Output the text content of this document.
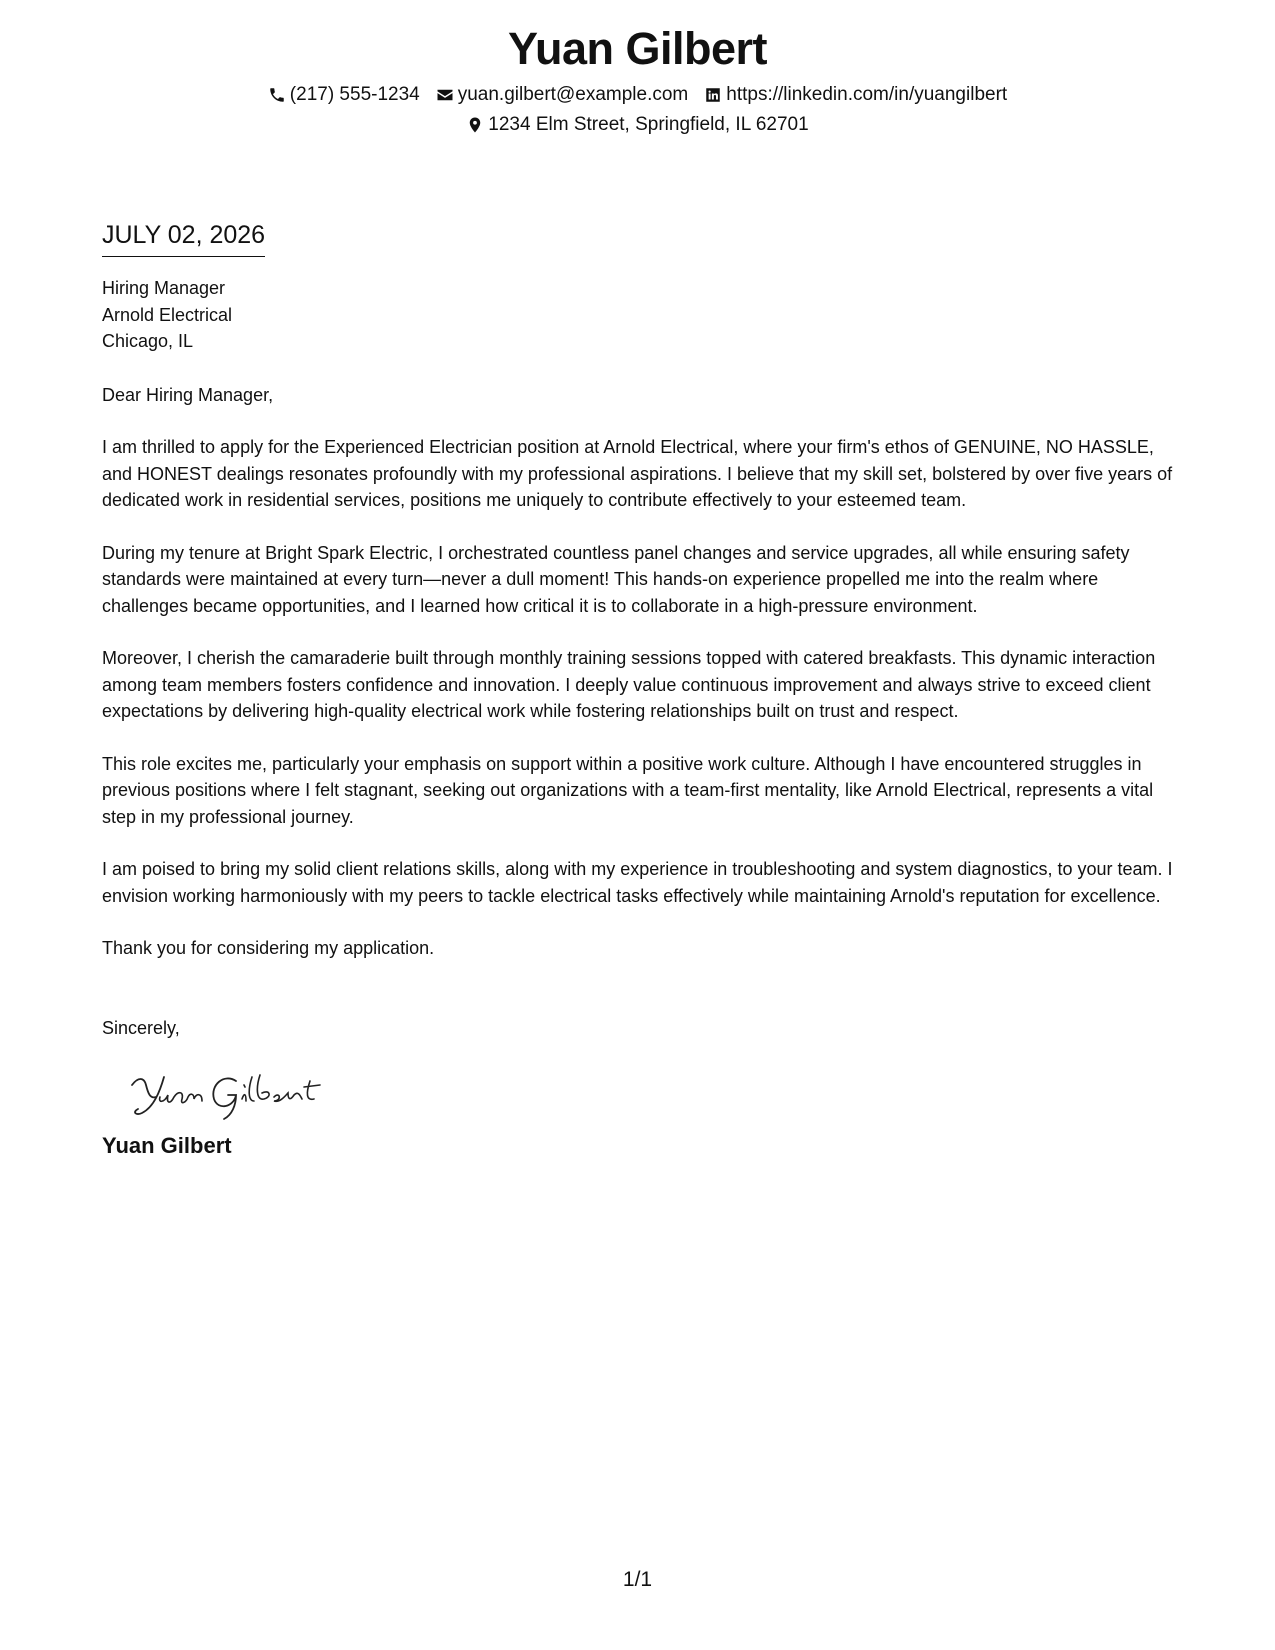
Yuan Gilbert
(217) 555-1234 yuan.gilbert@example.com https://linkedin.com/in/yuangilbert
1234 Elm Street, Springfield, IL 62701
JULY 02, 2026
Hiring Manager
Arnold Electrical
Chicago, IL
Dear Hiring Manager,

I am thrilled to apply for the Experienced Electrician position at Arnold Electrical, where your firm's ethos of GENUINE, NO HASSLE, and HONEST dealings resonates profoundly with my professional aspirations. I believe that my skill set, bolstered by over five years of dedicated work in residential services, positions me uniquely to contribute effectively to your esteemed team.

During my tenure at Bright Spark Electric, I orchestrated countless panel changes and service upgrades, all while ensuring safety standards were maintained at every turn—never a dull moment! This hands-on experience propelled me into the realm where challenges became opportunities, and I learned how critical it is to collaborate in a high-pressure environment.

Moreover, I cherish the camaraderie built through monthly training sessions topped with catered breakfasts. This dynamic interaction among team members fosters confidence and innovation. I deeply value continuous improvement and always strive to exceed client expectations by delivering high-quality electrical work while fostering relationships built on trust and respect.

This role excites me, particularly your emphasis on support within a positive work culture. Although I have encountered struggles in previous positions where I felt stagnant, seeking out organizations with a team-first mentality, like Arnold Electrical, represents a vital step in my professional journey.

I am poised to bring my solid client relations skills, along with my experience in troubleshooting and system diagnostics, to your team. I envision working harmoniously with my peers to tackle electrical tasks effectively while maintaining Arnold's reputation for excellence.

Thank you for considering my application.

Sincerely,
Yuan Gilbert
1/1
